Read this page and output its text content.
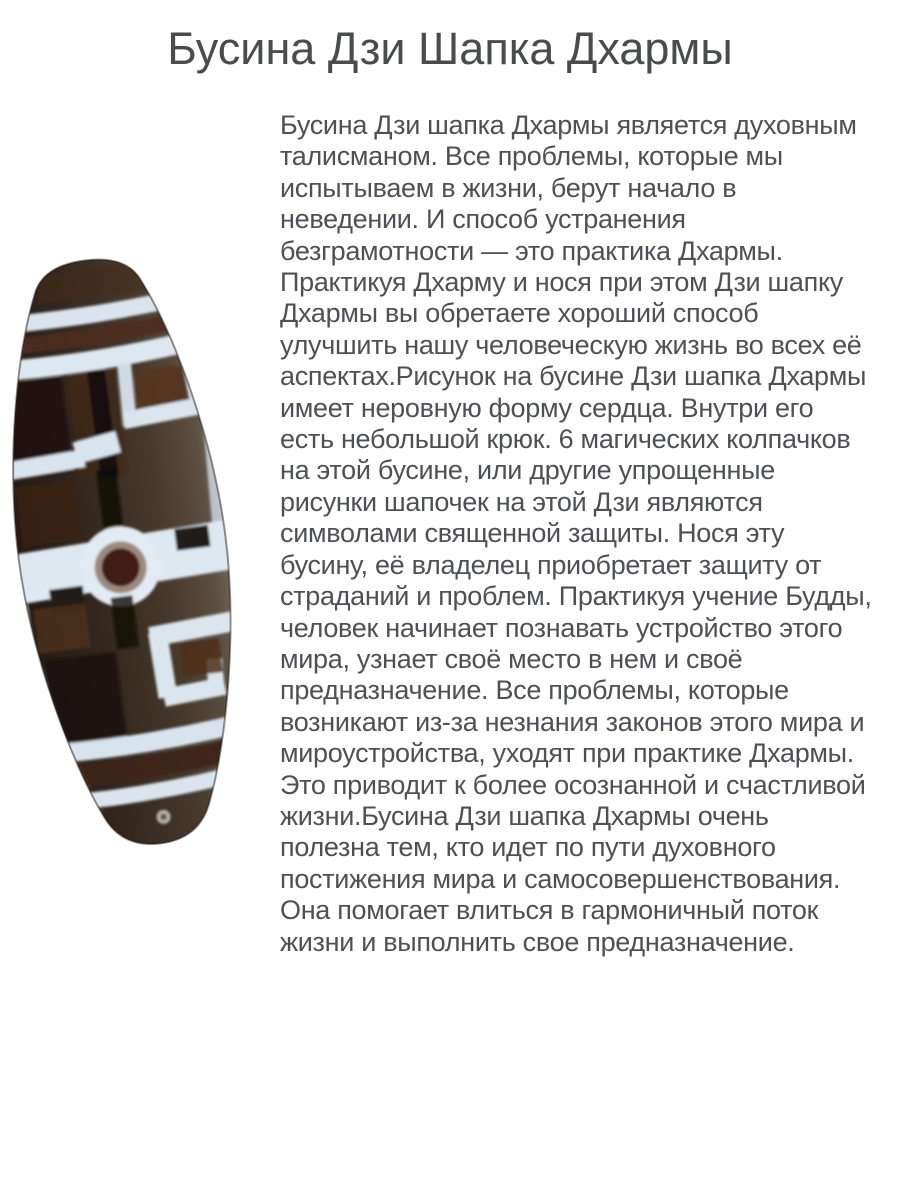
Бусина Дзи Шапка Дхармы

Бусина Дзи шапка Дхармы является духовным талисманом. Все проблемы, которые мы испытываем в жизни, берут начало в неведении. И способ устранения безграмотности — это практика Дхармы. Практикуя Дхарму и нося при этом Дзи шапку Дхармы вы обретаете хороший способ улучшить нашу человеческую жизнь во всех её аспектах.Рисунок на бусине Дзи шапка Дхармы имеет неровную форму сердца. Внутри его есть небольшой крюк. 6 магических колпачков на этой бусине, или другие упрощенные рисунки шапочек на этой Дзи являются символами священной защиты. Нося эту бусину, её владелец приобретает защиту от страданий и проблем. Практикуя учение Будды, человек начинает познавать устройство этого мира, узнает своё место в нем и своё предназначение. Все проблемы, которые возникают из-за незнания законов этого мира и мироустройства, уходят при практике Дхармы. Это приводит к более осознанной и счастливой жизни.Бусина Дзи шапка Дхармы очень полезна тем, кто идет по пути духовного постижения мира и самосовершенствования. Она помогает влиться в гармоничный поток жизни и выполнить свое предназначение.
